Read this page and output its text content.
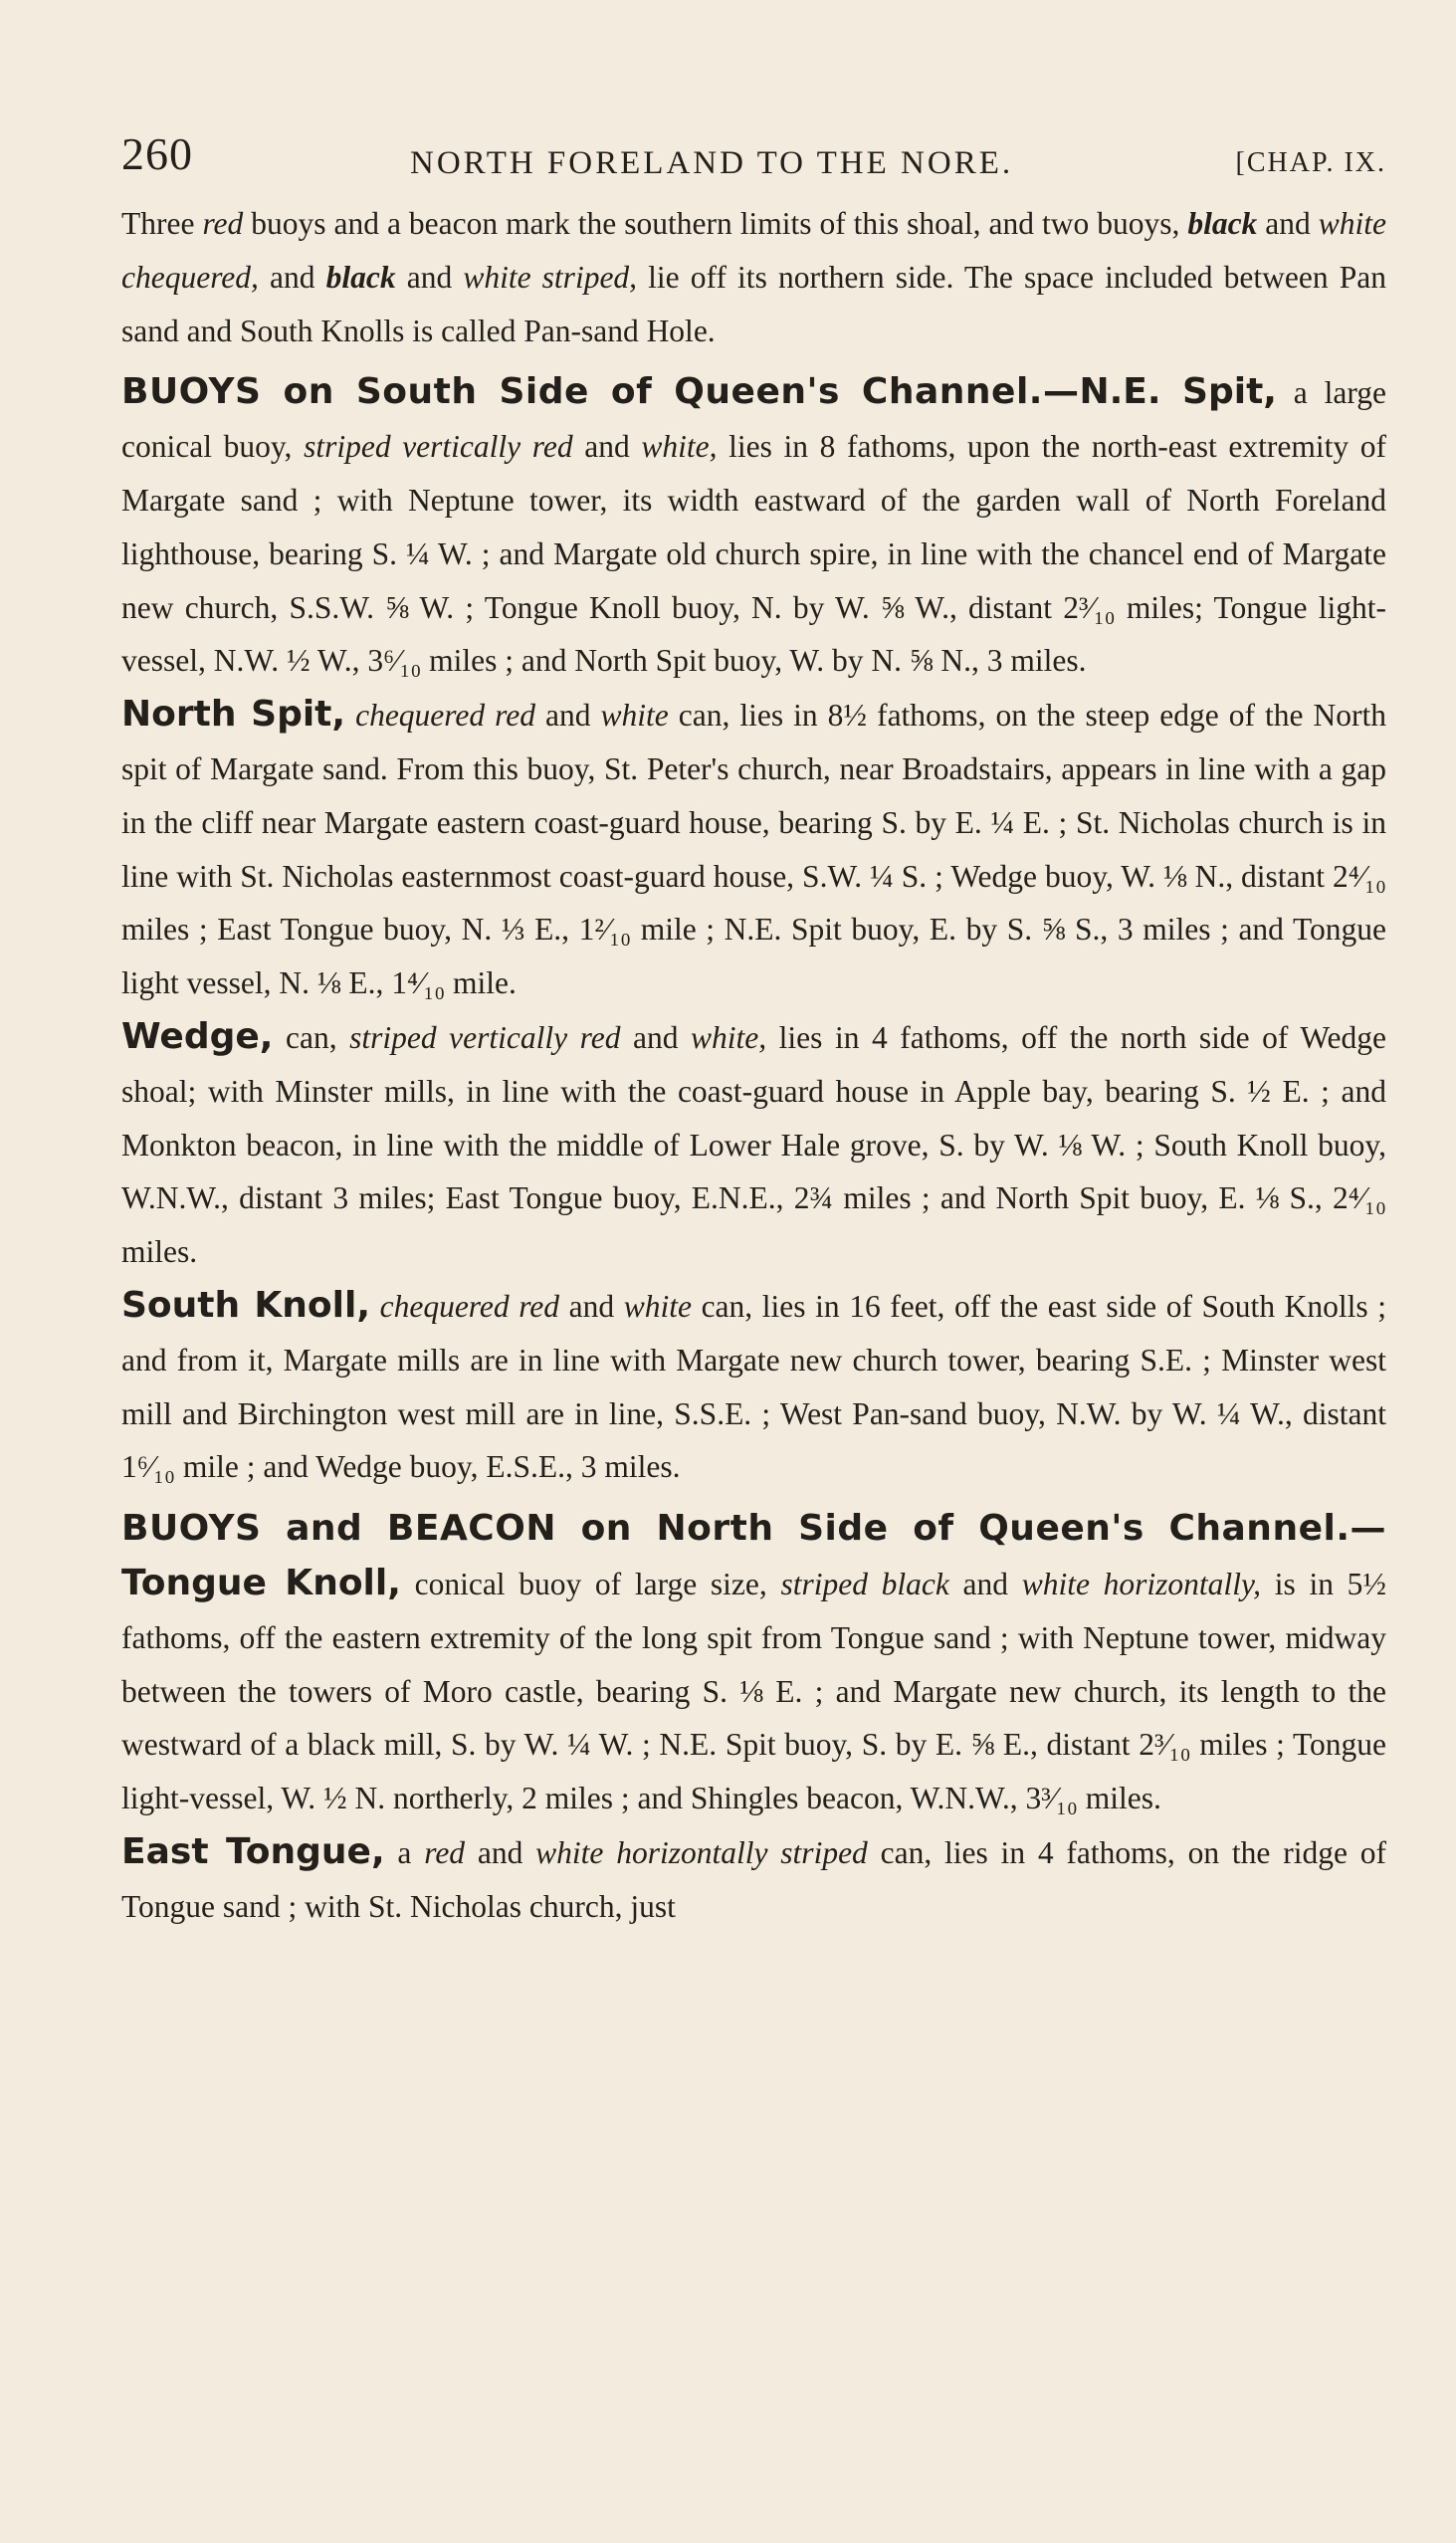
260	NORTH FORELAND TO THE NORE.	[CHAP. IX.

Three red buoys and a beacon mark the southern limits of this shoal, and two buoys, black and white chequered, and black and white striped, lie off its northern side. The space included between Pan sand and South Knolls is called Pan-sand Hole.

BUOYS on South Side of Queen's Channel.—N.E. Spit, a large conical buoy, striped vertically red and white, lies in 8 fathoms, upon the north-east extremity of Margate sand ; with Neptune tower, its width eastward of the garden wall of North Foreland lighthouse, bearing S. ¼ W. ; and Margate old church spire, in line with the chancel end of Margate new church, S.S.W. ⅝ W. ; Tongue Knoll buoy, N. by W. ⅝ W., distant 2³⁄₁₀ miles; Tongue light-vessel, N.W. ½ W., 3⁶⁄₁₀ miles ; and North Spit buoy, W. by N. ⅝ N., 3 miles.

North Spit, chequered red and white can, lies in 8½ fathoms, on the steep edge of the North spit of Margate sand. From this buoy, St. Peter's church, near Broadstairs, appears in line with a gap in the cliff near Margate eastern coast-guard house, bearing S. by E. ¼ E. ; St. Nicholas church is in line with St. Nicholas easternmost coast-guard house, S.W. ¼ S. ; Wedge buoy, W. ⅛ N., distant 2⁴⁄₁₀ miles ; East Tongue buoy, N. ⅓ E., 1²⁄₁₀ mile ; N.E. Spit buoy, E. by S. ⅝ S., 3 miles ; and Tongue light vessel, N. ⅛ E., 1⁴⁄₁₀ mile.

Wedge, can, striped vertically red and white, lies in 4 fathoms, off the north side of Wedge shoal; with Minster mills, in line with the coast-guard house in Apple bay, bearing S. ½ E. ; and Monkton beacon, in line with the middle of Lower Hale grove, S. by W. ⅛ W. ; South Knoll buoy, W.N.W., distant 3 miles; East Tongue buoy, E.N.E., 2¾ miles ; and North Spit buoy, E. ⅛ S., 2⁴⁄₁₀ miles.

South Knoll, chequered red and white can, lies in 16 feet, off the east side of South Knolls ; and from it, Margate mills are in line with Margate new church tower, bearing S.E. ; Minster west mill and Birchington west mill are in line, S.S.E. ; West Pan-sand buoy, N.W. by W. ¼ W., distant 1⁶⁄₁₀ mile ; and Wedge buoy, E.S.E., 3 miles.

BUOYS and BEACON on North Side of Queen's Channel.—Tongue Knoll, conical buoy of large size, striped black and white horizontally, is in 5½ fathoms, off the eastern extremity of the long spit from Tongue sand ; with Neptune tower, midway between the towers of Moro castle, bearing S. ⅛ E. ; and Margate new church, its length to the westward of a black mill, S. by W. ¼ W. ; N.E. Spit buoy, S. by E. ⅝ E., distant 2³⁄₁₀ miles ; Tongue light-vessel, W. ½ N. northerly, 2 miles ; and Shingles beacon, W.N.W., 3³⁄₁₀ miles.

East Tongue, a red and white horizontally striped can, lies in 4 fathoms, on the ridge of Tongue sand ; with St. Nicholas church, just
